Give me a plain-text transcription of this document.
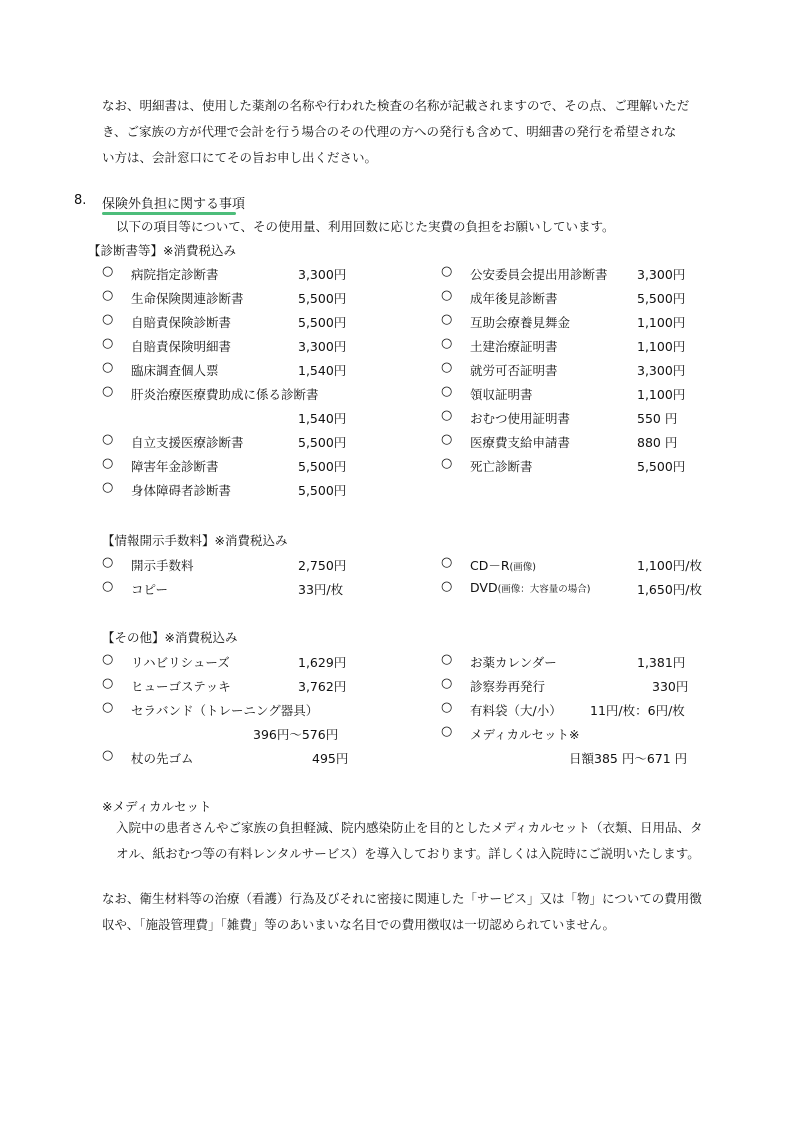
なお、明細書は、使用した薬剤の名称や行われた検査の名称が記載されますので、その点、ご理解いただ
き、ご家族の方が代理で会計を行う場合のその代理の方への発行も含めて、明細書の発行を希望されな
い方は、会計窓口にてその旨お申し出ください。
8. 保険外負担に関する事項
以下の項目等について、その使用量、利用回数に応じた実費の負担をお願いしています。
【診断書等】※消費税込み
○ 病院指定診断書	3,300円
○ 生命保険関連診断書	5,500円
○ 自賠責保険診断書	5,500円
○ 自賠責保険明細書	3,300円
○ 臨床調査個人票	1,540円
○ 肝炎治療医療費助成に係る診断書
1,540円
○ 自立支援医療診断書	5,500円
○ 障害年金診断書	5,500円
○ 身体障碍者診断書	5,500円
○ 公安委員会提出用診断書 3,300円
○ 成年後見診断書	5,500円
○ 互助会療養見舞金	1,100円
○ 土建治療証明書	1,100円
○ 就労可否証明書	3,300円
○ 領収証明書	1,100円
○ おむつ使用証明書	550 円
○ 医療費支給申請書	880 円
○ 死亡診断書	5,500円
【情報開示手数料】※消費税込み
○ 開示手数料	2,750円
○ コピー	33円/枚
○ CD－R(画像)	1,100円/枚
○ DVD(画像：大容量の場合)	1,650円/枚
【その他】※消費税込み
○ リハビリシューズ	1,629円
○ ヒューゴステッキ	3,762円
○ セラバンド（トレーニング器具）
396円～576円
○ 杖の先ゴム	495円
○ お薬カレンダー	1,381円
○ 診察券再発行	330円
○ 有料袋（大/小） 11円/枚：6円/枚
○ メディカルセット※
日額385 円～671 円
※メディカルセット
入院中の患者さんやご家族の負担軽減、院内感染防止を目的としたメディカルセット（衣類、日用品、タ
オル、紙おむつ等の有料レンタルサービス）を導入しております。詳しくは入院時にご説明いたします。
なお、衛生材料等の治療（看護）行為及びそれに密接に関連した「サービス」又は「物」についての費用徴
収や、「施設管理費」「雑費」等のあいまいな名目での費用徴収は一切認められていません。
